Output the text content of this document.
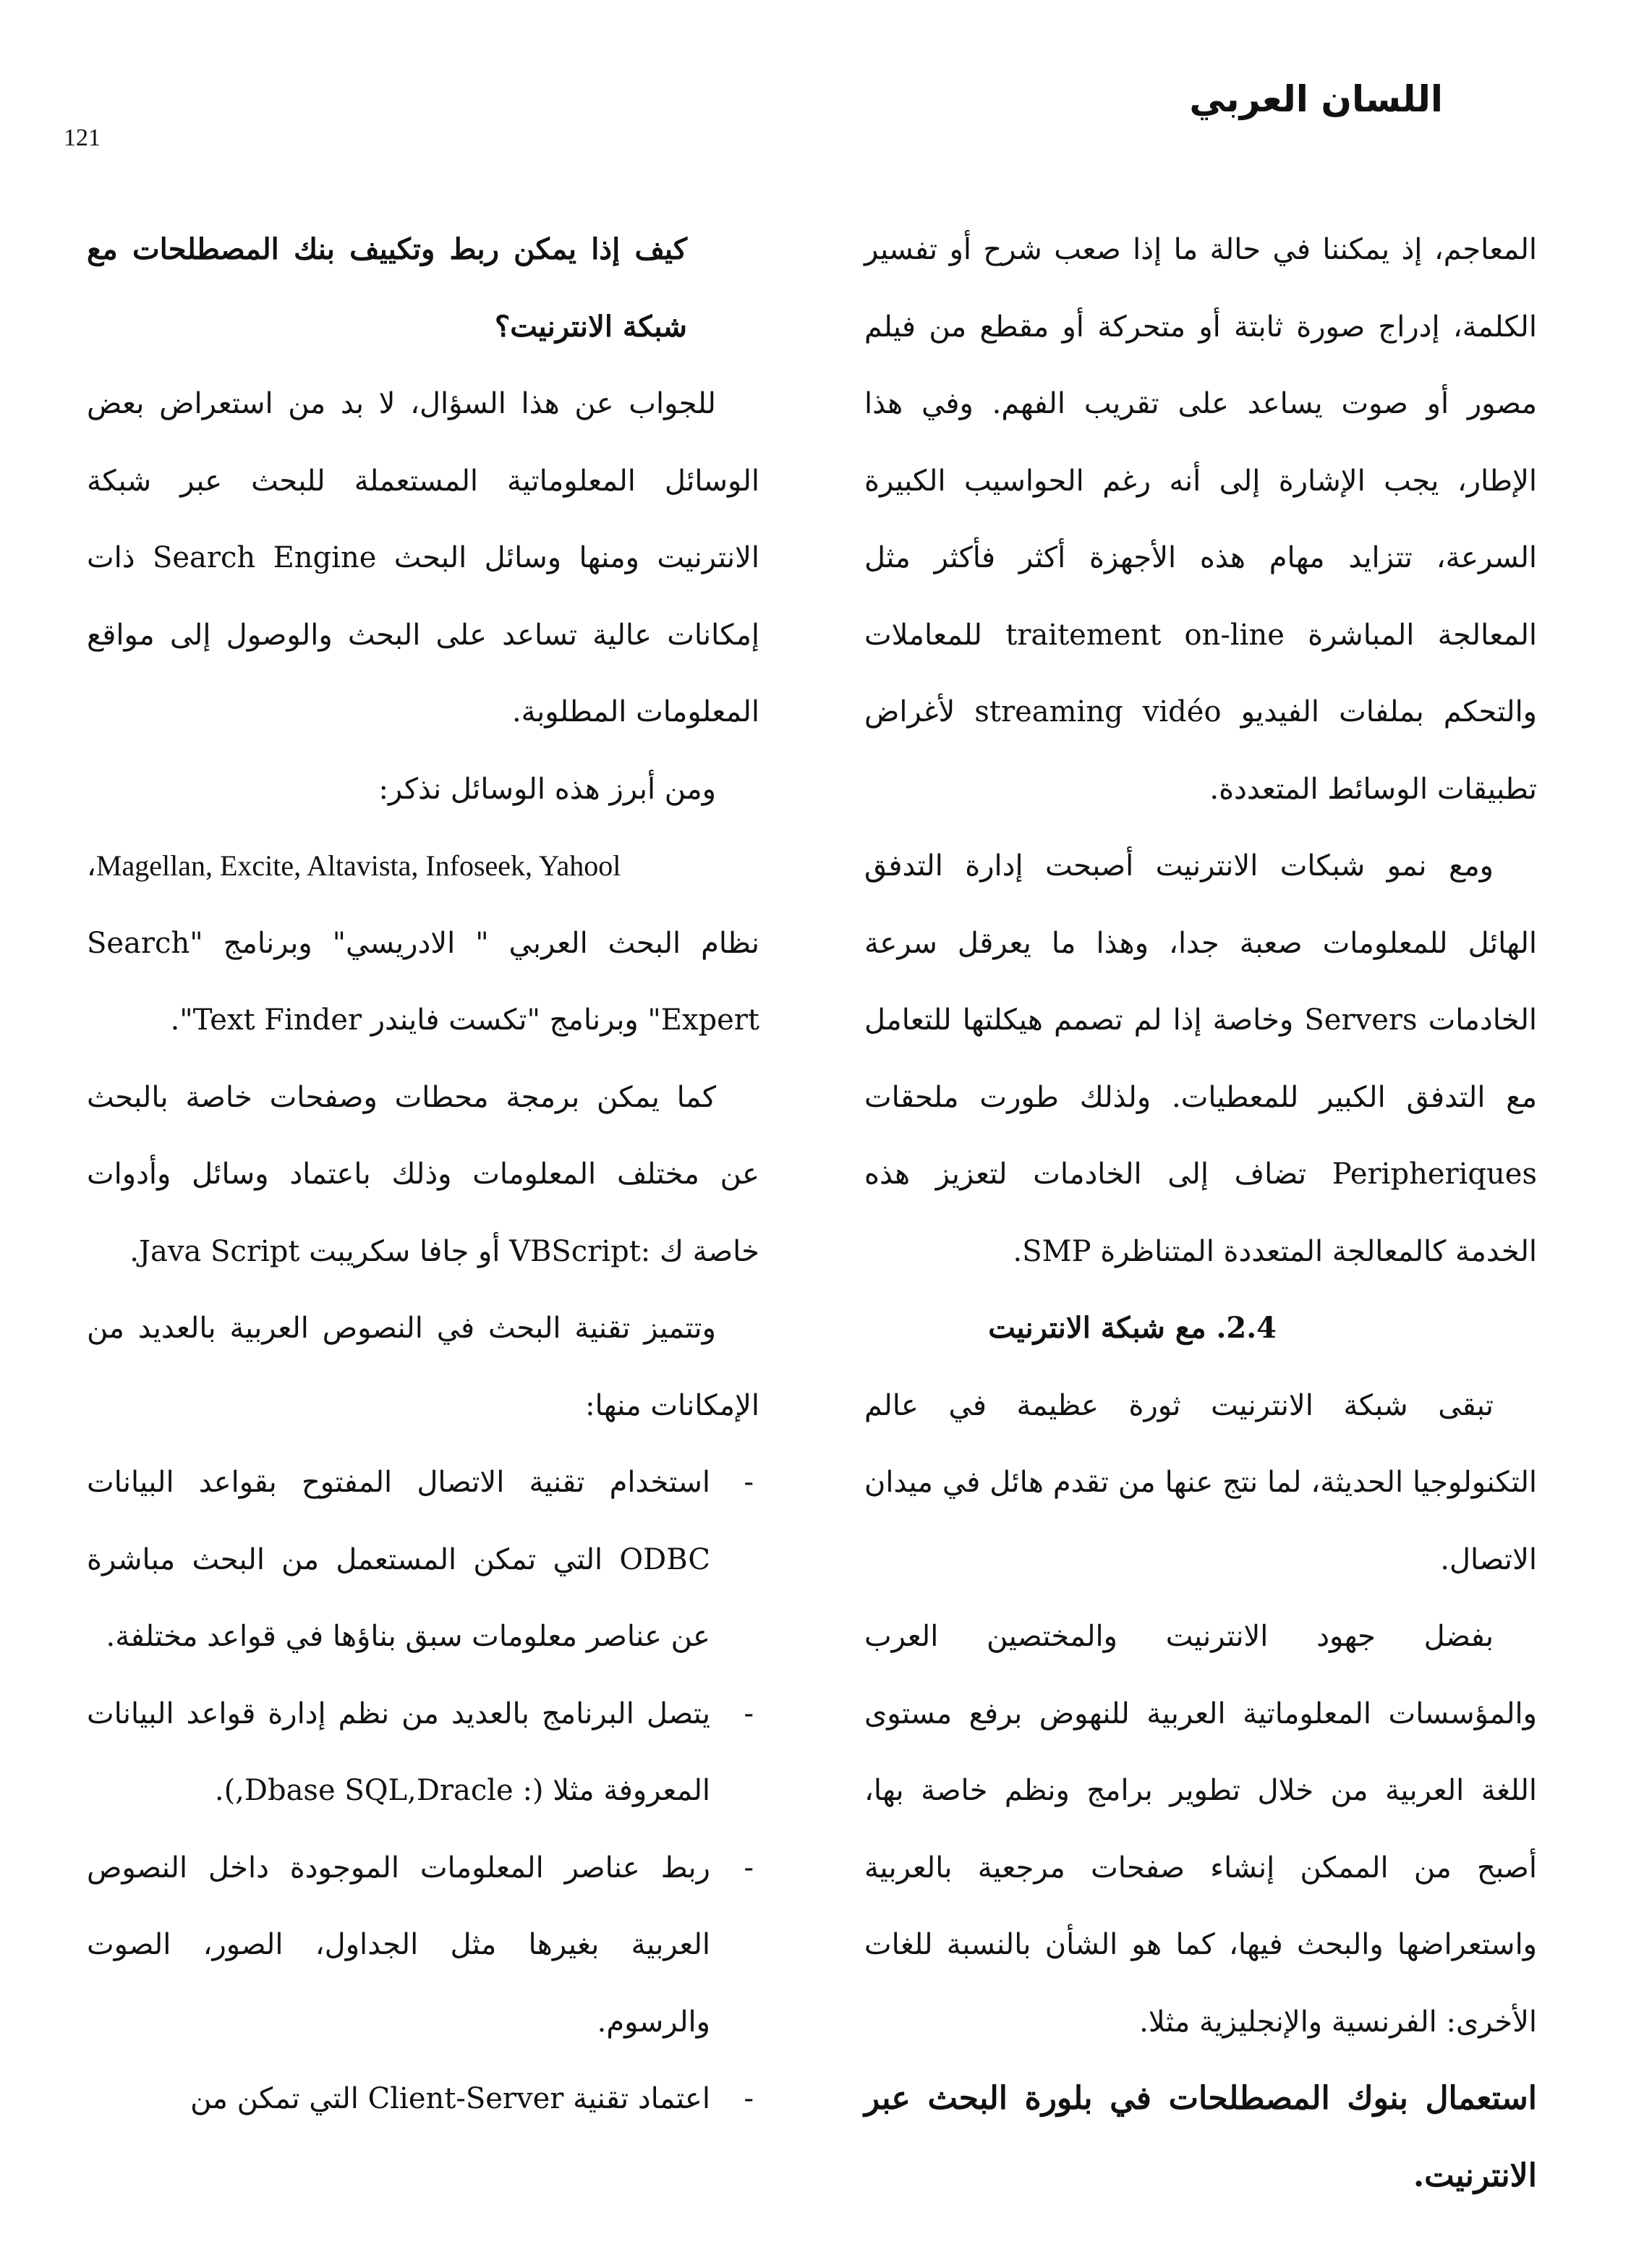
121
اللسان العربي

المعاجم، إذ يمكننا في حالة ما إذا صعب شرح أو تفسير الكلمة، إدراج صورة ثابتة أو متحركة أو مقطع من فيلم مصور أو صوت يساعد على تقريب الفهم. وفي هذا الإطار، يجب الإشارة إلى أنه رغم الحواسيب الكبيرة السرعة، تتزايد مهام هذه الأجهزة أكثر فأكثر مثل المعالجة المباشرة traitement on-line للمعاملات والتحكم بملفات الفيديو streaming vidéo لأغراض تطبيقات الوسائط المتعددة.

ومع نمو شبكات الانترنيت أصبحت إدارة التدفق الهائل للمعلومات صعبة جدا، وهذا ما يعرقل سرعة الخادمات Servers وخاصة إذا لم تصمم هيكلتها للتعامل مع التدفق الكبير للمعطيات. ولذلك طورت ملحقات Peripheriques تضاف إلى الخادمات لتعزيز هذه الخدمة كالمعالجة المتعددة المتناظرة SMP.

2.4. مع شبكة الانترنيت

تبقى شبكة الانترنيت ثورة عظيمة في عالم التكنولوجيا الحديثة، لما نتج عنها من تقدم هائل في ميدان الاتصال.

بفضل جهود الانترنيت والمختصين العرب والمؤسسات المعلوماتية العربية للنهوض برفع مستوى اللغة العربية من خلال تطوير برامج ونظم خاصة بها، أصبح من الممكن إنشاء صفحات مرجعية بالعربية واستعراضها والبحث فيها، كما هو الشأن بالنسبة للغات الأخرى: الفرنسية والإنجليزية مثلا.

استعمال بنوك المصطلحات في بلورة البحث عبر الانترنيت.

كيف إذا يمكن ربط وتكييف بنك المصطلحات مع شبكة الانترنيت؟

للجواب عن هذا السؤال، لا بد من استعراض بعض الوسائل المعلوماتية المستعملة للبحث عبر شبكة الانترنيت ومنها وسائل البحث Search Engine ذات إمكانات عالية تساعد على البحث والوصول إلى مواقع المعلومات المطلوبة.

ومن أبرز هذه الوسائل نذكر:

،Magellan, Excite, Altavista, Infoseek, Yahool

نظام البحث العربي " الادريسي" وبرنامج "Search Expert" وبرنامج "تكست فايندر Text Finder".

كما يمكن برمجة محطات وصفحات خاصة بالبحث عن مختلف المعلومات وذلك باعتماد وسائل وأدوات خاصة ك :VBScript أو جافا سكريبت Java Script.

وتتميز تقنية البحث في النصوص العربية بالعديد من الإمكانات منها:

-
استخدام تقنية الاتصال المفتوح بقواعد البيانات ODBC التي تمكن المستعمل من البحث مباشرة عن عناصر معلومات سبق بناؤها في قواعد مختلفة.
-
يتصل البرنامج بالعديد من نظم إدارة قواعد البيانات المعروفة مثلا (: Dbase SQL,Dracle,).
-
ربط عناصر المعلومات الموجودة داخل النصوص العربية بغيرها مثل الجداول، الصور، الصوت والرسوم.
-
اعتماد تقنية Client-Server التي تمكن من
